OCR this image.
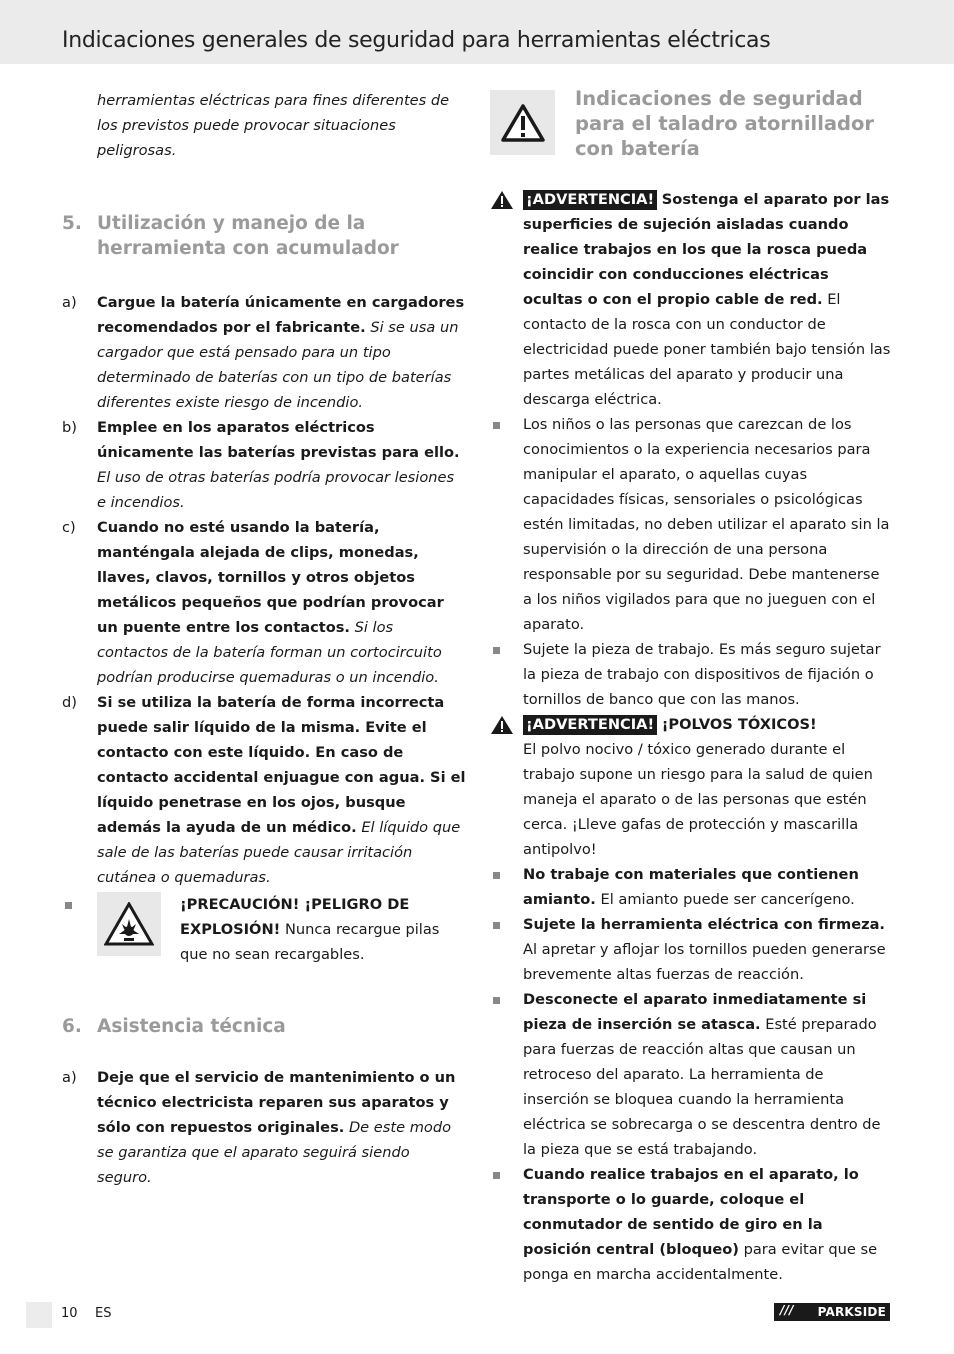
Indicaciones generales de seguridad para herramientas eléctricas

herramientas eléctricas para fines diferentes de los previstos puede provocar situaciones peligrosas.

5. Utilización y manejo de la herramienta con acumulador
a) Cargue la batería únicamente en cargadores recomendados por el fabricante. Si se usa un cargador que está pensado para un tipo determinado de baterías con un tipo de baterías diferentes existe riesgo de incendio.
b) Emplee en los aparatos eléctricos únicamente las baterías previstas para ello. El uso de otras baterías podría provocar lesiones e incendios.
c) Cuando no esté usando la batería, manténgala alejada de clips, monedas, llaves, clavos, tornillos y otros objetos metálicos pequeños que podrían provocar un puente entre los contactos. Si los contactos de la batería forman un cortocircuito podrían producirse quemaduras o un incendio.
d) Si se utiliza la batería de forma incorrecta puede salir líquido de la misma. Evite el contacto con este líquido. En caso de contacto accidental enjuague con agua. Si el líquido penetrase en los ojos, busque además la ayuda de un médico. El líquido que sale de las baterías puede causar irritación cutánea o quemaduras.
¡PRECAUCIÓN! ¡PELIGRO DE EXPLOSIÓN! Nunca recargue pilas que no sean recargables.
6. Asistencia técnica
a) Deje que el servicio de mantenimiento o un técnico electricista reparen sus aparatos y sólo con repuestos originales. De este modo se garantiza que el aparato seguirá siendo seguro.
Indicaciones de seguridad para el taladro atornillador con batería
¡ADVERTENCIA! Sostenga el aparato por las superficies de sujeción aisladas cuando realice trabajos en los que la rosca pueda coincidir con conducciones eléctricas ocultas o con el propio cable de red. El contacto de la rosca con un conductor de electricidad puede poner también bajo tensión las partes metálicas del aparato y producir una descarga eléctrica.
Los niños o las personas que carezcan de los conocimientos o la experiencia necesarios para manipular el aparato, o aquellas cuyas capacidades físicas, sensoriales o psicológicas estén limitadas, no deben utilizar el aparato sin la supervisión o la dirección de una persona responsable por su seguridad. Debe mantenerse a los niños vigilados para que no jueguen con el aparato.
Sujete la pieza de trabajo. Es más seguro sujetar la pieza de trabajo con dispositivos de fijación o tornillos de banco que con las manos.
¡ADVERTENCIA! ¡POLVOS TÓXICOS!
El polvo nocivo / tóxico generado durante el trabajo supone un riesgo para la salud de quien maneja el aparato o de las personas que estén cerca. ¡Lleve gafas de protección y mascarilla antipolvo!
No trabaje con materiales que contienen amianto. El amianto puede ser cancerígeno.
Sujete la herramienta eléctrica con firmeza. Al apretar y aflojar los tornillos pueden generarse brevemente altas fuerzas de reacción.
Desconecte el aparato inmediatamente si pieza de inserción se atasca. Esté preparado para fuerzas de reacción altas que causan un retroceso del aparato. La herramienta de inserción se bloquea cuando la herramienta eléctrica se sobrecarga o se descentra dentro de la pieza que se está trabajando.
Cuando realice trabajos en el aparato, lo transporte o lo guarde, coloque el conmutador de sentido de giro en la posición central (bloqueo) para evitar que se ponga en marcha accidentalmente.
10 ES	/// PARKSIDE
